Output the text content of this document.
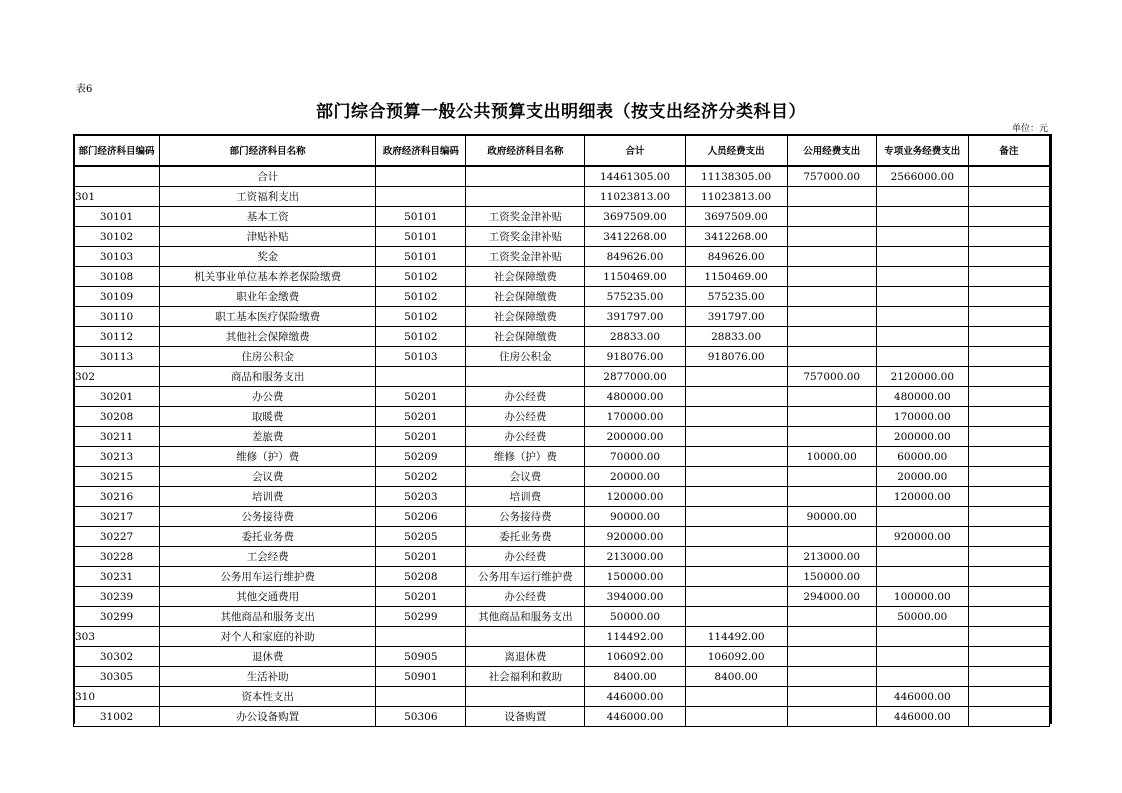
表6
部门综合预算一般公共预算支出明细表（按支出经济分类科目）
单位：元
部门经济科目编码	部门经济科目名称	政府经济科目编码	政府经济科目名称	合计	人员经费支出	公用经费支出	专项业务经费支出	备注
	合计			14461305.00	11138305.00	757000.00	2566000.00	
301	工资福利支出			11023813.00	11023813.00			
30101	基本工资	50101	工资奖金津补贴	3697509.00	3697509.00			
30102	津贴补贴	50101	工资奖金津补贴	3412268.00	3412268.00			
30103	奖金	50101	工资奖金津补贴	849626.00	849626.00			
30108	机关事业单位基本养老保险缴费	50102	社会保障缴费	1150469.00	1150469.00			
30109	职业年金缴费	50102	社会保障缴费	575235.00	575235.00			
30110	职工基本医疗保险缴费	50102	社会保障缴费	391797.00	391797.00			
30112	其他社会保障缴费	50102	社会保障缴费	28833.00	28833.00			
30113	住房公积金	50103	住房公积金	918076.00	918076.00			
302	商品和服务支出			2877000.00		757000.00	2120000.00	
30201	办公费	50201	办公经费	480000.00			480000.00	
30208	取暖费	50201	办公经费	170000.00			170000.00	
30211	差旅费	50201	办公经费	200000.00			200000.00	
30213	维修（护）费	50209	维修（护）费	70000.00		10000.00	60000.00	
30215	会议费	50202	会议费	20000.00			20000.00	
30216	培训费	50203	培训费	120000.00			120000.00	
30217	公务接待费	50206	公务接待费	90000.00		90000.00		
30227	委托业务费	50205	委托业务费	920000.00			920000.00	
30228	工会经费	50201	办公经费	213000.00		213000.00		
30231	公务用车运行维护费	50208	公务用车运行维护费	150000.00		150000.00		
30239	其他交通费用	50201	办公经费	394000.00		294000.00	100000.00	
30299	其他商品和服务支出	50299	其他商品和服务支出	50000.00			50000.00	
303	对个人和家庭的补助			114492.00	114492.00			
30302	退休费	50905	离退休费	106092.00	106092.00			
30305	生活补助	50901	社会福利和救助	8400.00	8400.00			
310	资本性支出			446000.00			446000.00	
31002	办公设备购置	50306	设备购置	446000.00			446000.00	
